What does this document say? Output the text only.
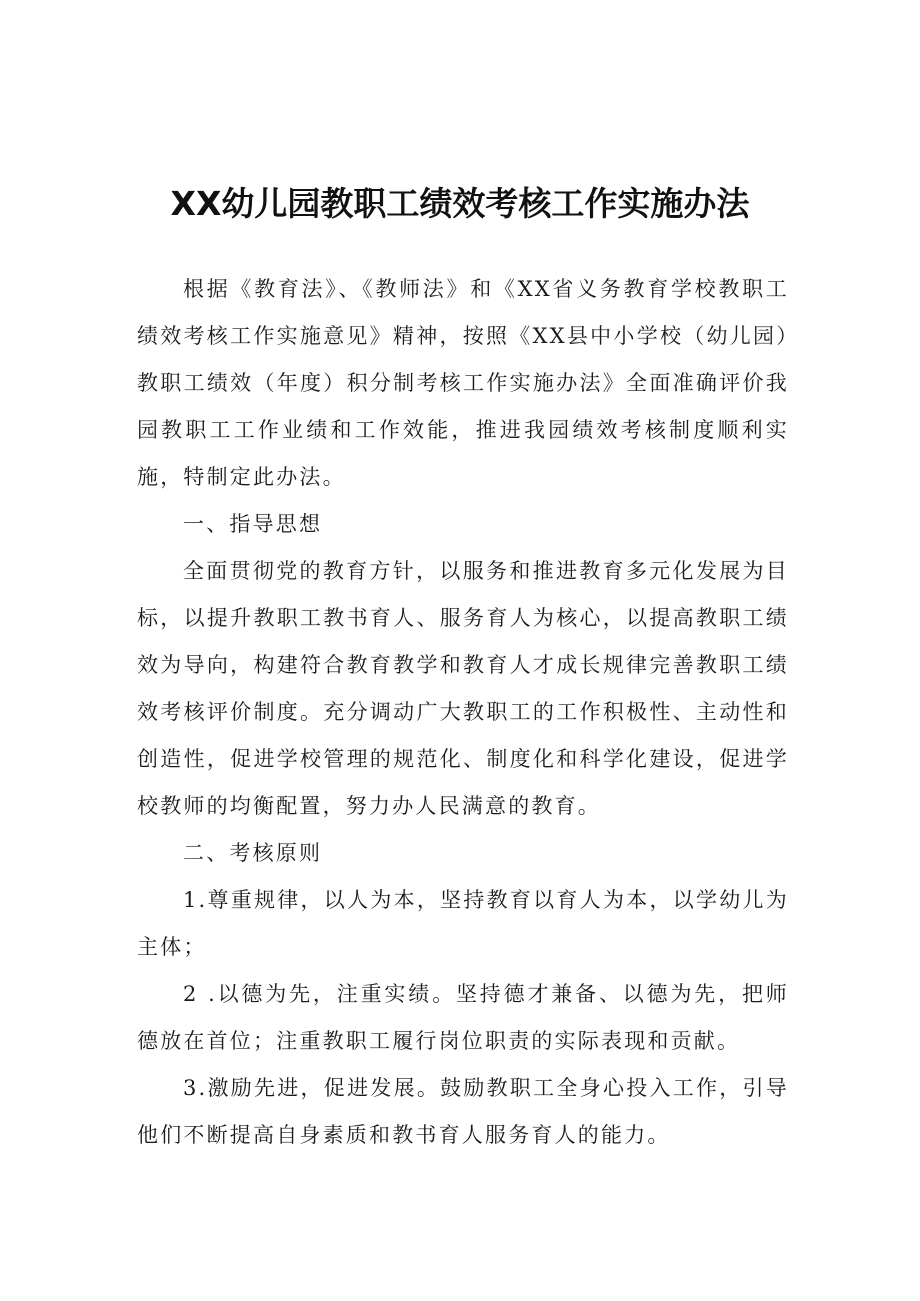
XX幼儿园教职工绩效考核工作实施办法

根据《教育法》、《教师法》和《XX省义务教育学校教职工绩效考核工作实施意见》精神，按照《XX县中小学校（幼儿园）教职工绩效（年度）积分制考核工作实施办法》全面准确评价我园教职工工作业绩和工作效能，推进我园绩效考核制度顺利实施，特制定此办法。

一、指导思想

全面贯彻党的教育方针，以服务和推进教育多元化发展为目标，以提升教职工教书育人、服务育人为核心，以提高教职工绩效为导向，构建符合教育教学和教育人才成长规律完善教职工绩效考核评价制度。充分调动广大教职工的工作积极性、主动性和创造性，促进学校管理的规范化、制度化和科学化建设，促进学校教师的均衡配置，努力办人民满意的教育。

二、考核原则

1.尊重规律，以人为本，坚持教育以育人为本，以学幼儿为主体；

2 .以德为先，注重实绩。坚持德才兼备、以德为先，把师德放在首位；注重教职工履行岗位职责的实际表现和贡献。

3.激励先进，促进发展。鼓励教职工全身心投入工作，引导他们不断提高自身素质和教书育人服务育人的能力。
